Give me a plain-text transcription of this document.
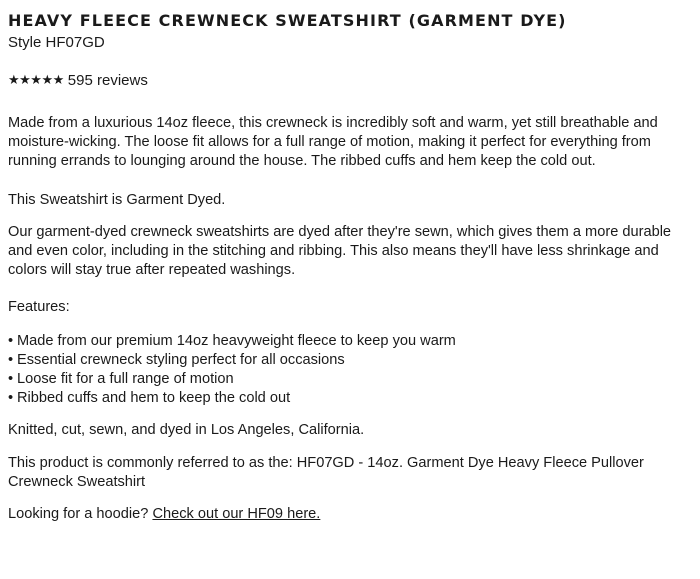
HEAVY FLEECE CREWNECK SWEATSHIRT (GARMENT DYE)
Style HF07GD
★★★★★ 595 reviews

Made from a luxurious 14oz fleece, this crewneck is incredibly soft and warm, yet still breathable and moisture-wicking. The loose fit allows for a full range of motion, making it perfect for everything from running errands to lounging around the house. The ribbed cuffs and hem keep the cold out.

This Sweatshirt is Garment Dyed.

Our garment-dyed crewneck sweatshirts are dyed after they're sewn, which gives them a more durable and even color, including in the stitching and ribbing. This also means they'll have less shrinkage and colors will stay true after repeated washings.

Features:

• Made from our premium 14oz heavyweight fleece to keep you warm
• Essential crewneck styling perfect for all occasions
• Loose fit for a full range of motion
• Ribbed cuffs and hem to keep the cold out

Knitted, cut, sewn, and dyed in Los Angeles, California.

This product is commonly referred to as the: HF07GD - 14oz. Garment Dye Heavy Fleece Pullover Crewneck Sweatshirt

Looking for a hoodie? Check out our HF09 here.
